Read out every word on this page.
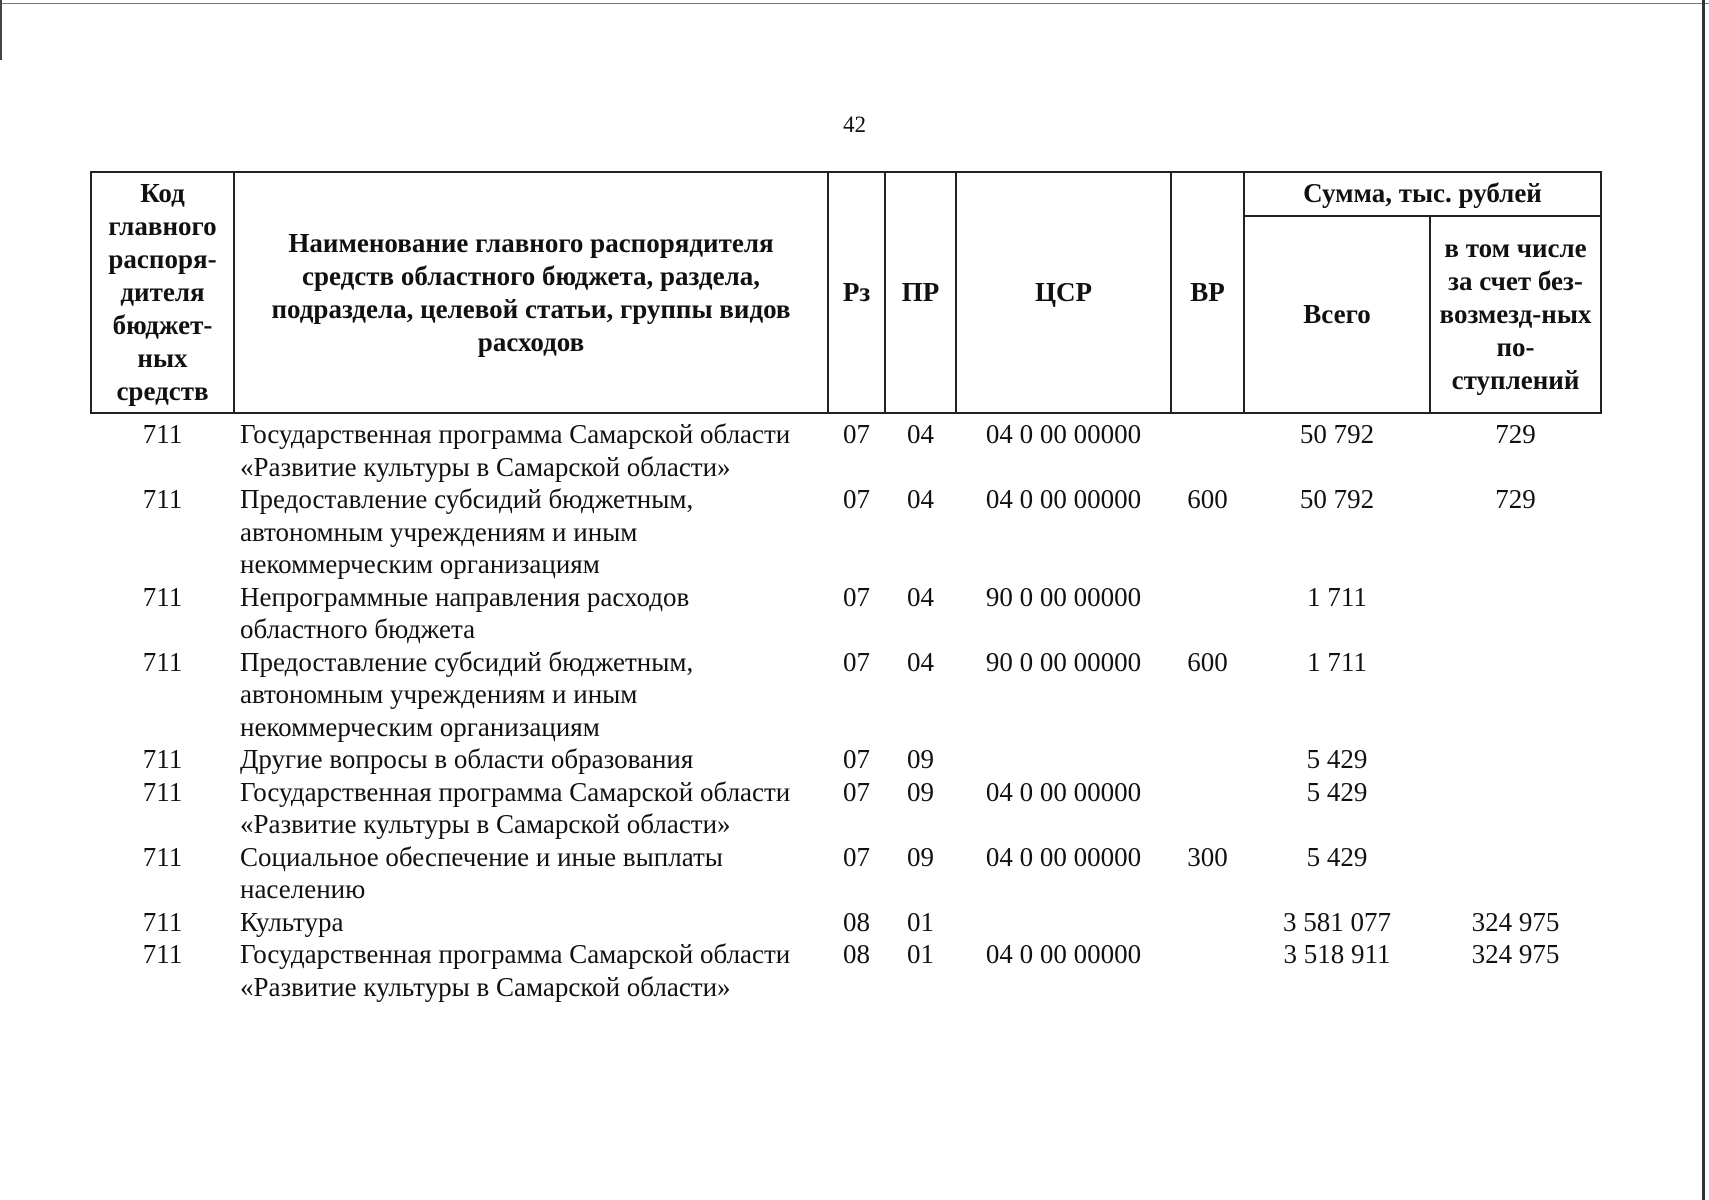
42
Код главного распоря-дителя бюджет-ных средств	Наименование главного распорядителя средств областного бюджета, раздела, подраздела, целевой статьи, группы видов расходов	Рз	ПР	ЦСР	ВР	Сумма, тыс. рублей	
						Всего	в том числе за счет без-возмезд-ных по-ступлений
711	Государственная программа Самарской области «Развитие культуры в Самарской области»	07	04	04 0 00 00000		50 792	729
711	Предоставление субсидий бюджетным, автономным учреждениям и иным некоммерческим организациям	07	04	04 0 00 00000	600	50 792	729
711	Непрограммные направления расходов областного бюджета	07	04	90 0 00 00000		1 711	
711	Предоставление субсидий бюджетным, автономным учреждениям и иным некоммерческим организациям	07	04	90 0 00 00000	600	1 711	
711	Другие вопросы в области образования	07	09			5 429	
711	Государственная программа Самарской области «Развитие культуры в Самарской области»	07	09	04 0 00 00000		5 429	
711	Социальное обеспечение и иные выплаты населению	07	09	04 0 00 00000	300	5 429	
711	Культура	08	01			3 581 077	324 975
711	Государственная программа Самарской области «Развитие культуры в Самарской области»	08	01	04 0 00 00000		3 518 911	324 975
